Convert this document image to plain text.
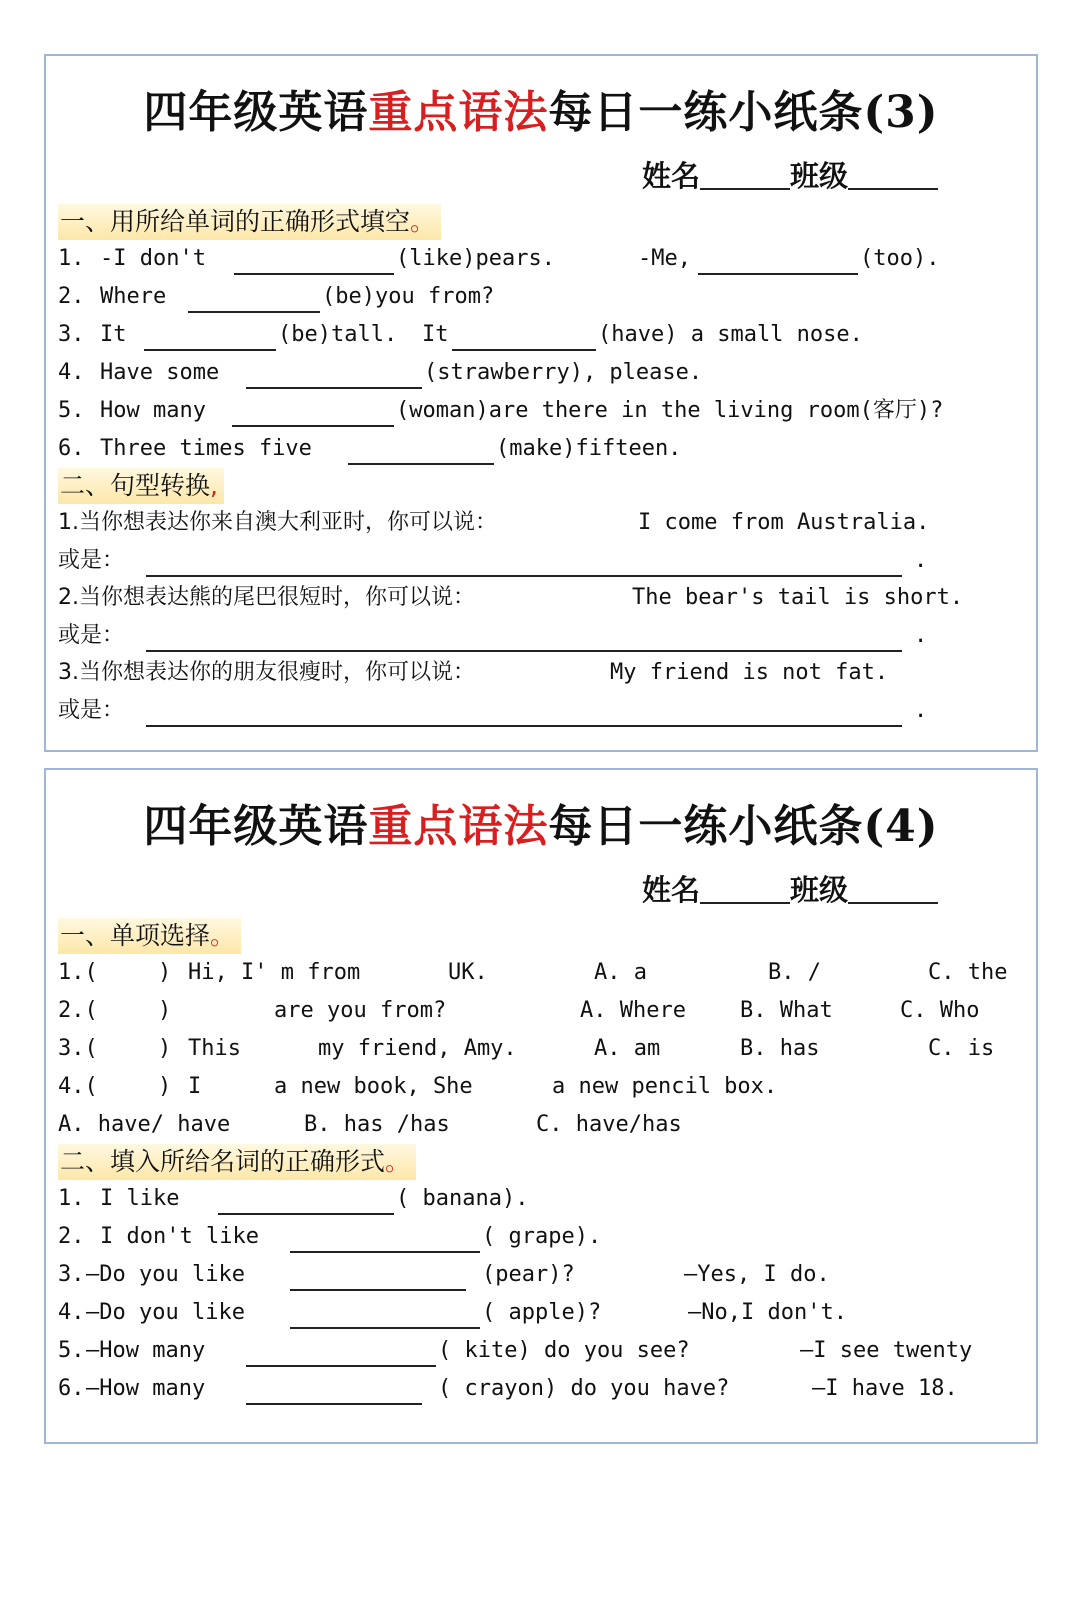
四年级英语重点语法每日一练小纸条(3)
姓名	班级
一、用所给单词的正确形式填空。

1.

-I don't

	(like)pears.

	-Me,

	(too).

2.

Where

	(be)you from?

3.

It

	(be)tall.

It

	(have) a small nose.

4.

Have some

	(strawberry), please.

5.

How many

	(woman)are there in the living room(客厅)?

6.

Three times five

	(make)fifteen.

二、句型转换,

1.当你想表达你来自澳大利亚时，你可以说：

	I come from Australia.

或是：

	.

2.当你想表达熊的尾巴很短时，你可以说：

	The bear's tail is short.

或是：

	.

3.当你想表达你的朋友很瘦时，你可以说：

	My friend is not fat.

或是：

	.

四年级英语重点语法每日一练小纸条(4)
姓名	班级
一、单项选择。

1.(

	)

Hi, I' m from

	UK.

	A. a

	B. /

	C. the

2.(

	)

	are you from?

	A. Where

B. What

	C. Who

3.(

	)

This

	my friend, Amy.

	A. am

	B. has

	C. is

4.(

	)

I

	a new book, She

	a new pencil box.

A. have/ have

	B. has /has

	C. have/has

二、填入所给名词的正确形式。

1.

I like

	( banana).

2.

I don't like

	( grape).

3.

—Do you like

	(pear)?

	—Yes, I do.

4.

—Do you like

	( apple)?

	—No,I don't.

5.

—How many

	( kite) do you see?

	—I see twenty

6.

—How many

	( crayon) do you have?

	—I have 18.
